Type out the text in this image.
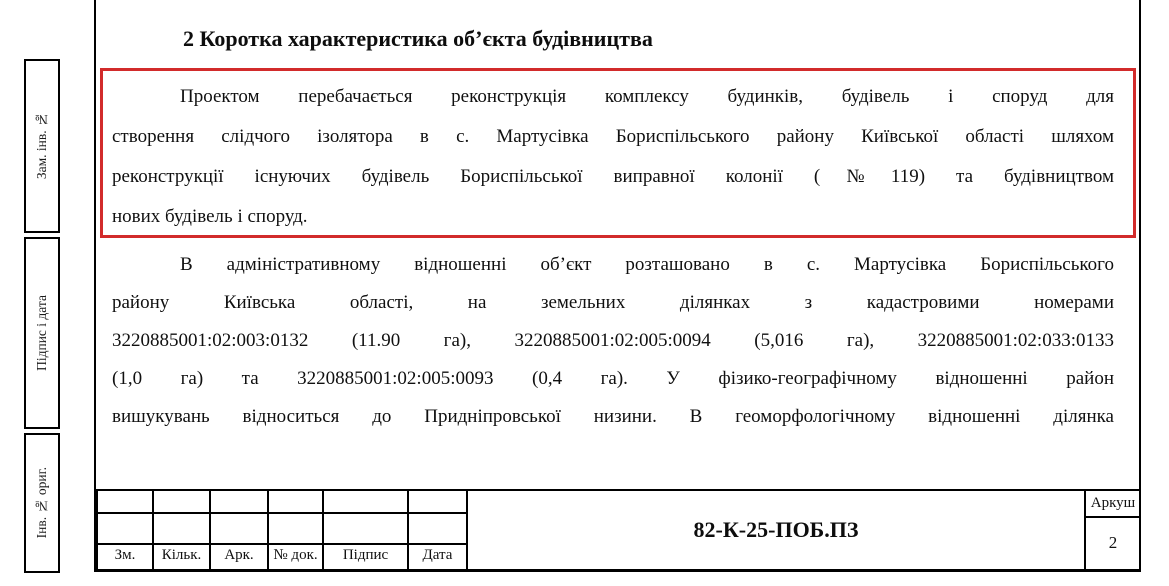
Зам. інв. №
Підпис і дата
Інв. № ориг.
2 Коротка характеристика об’єкта будівництва
Проектом перебачається реконструкція комплексу будинків, будівель і споруд для
створення слідчого ізолятора в с. Мартусівка Бориспільського району Київської області шляхом
реконструкції існуючих будівель Бориспільської виправної колонії (№119) та будівництвом
нових будівель і споруд.
В адміністративному відношенні об’єкт розташовано в с. Мартусівка Бориспільського
району Київська області, на земельних ділянках з кадастровими номерами
3220885001:02:003:0132 (11.90 га), 3220885001:02:005:0094 (5,016 га), 3220885001:02:033:0133
(1,0 га) та 3220885001:02:005:0093 (0,4 га). У фізико-географічному відношенні район
вишукувань відноситься до Придніпровської низини. В геоморфологічному відношенні ділянка
Зм.	Кільк.	Арк.	№ док.	Підпис	Дата
82-К-25-ПОБ.ПЗ
Аркуш
2
